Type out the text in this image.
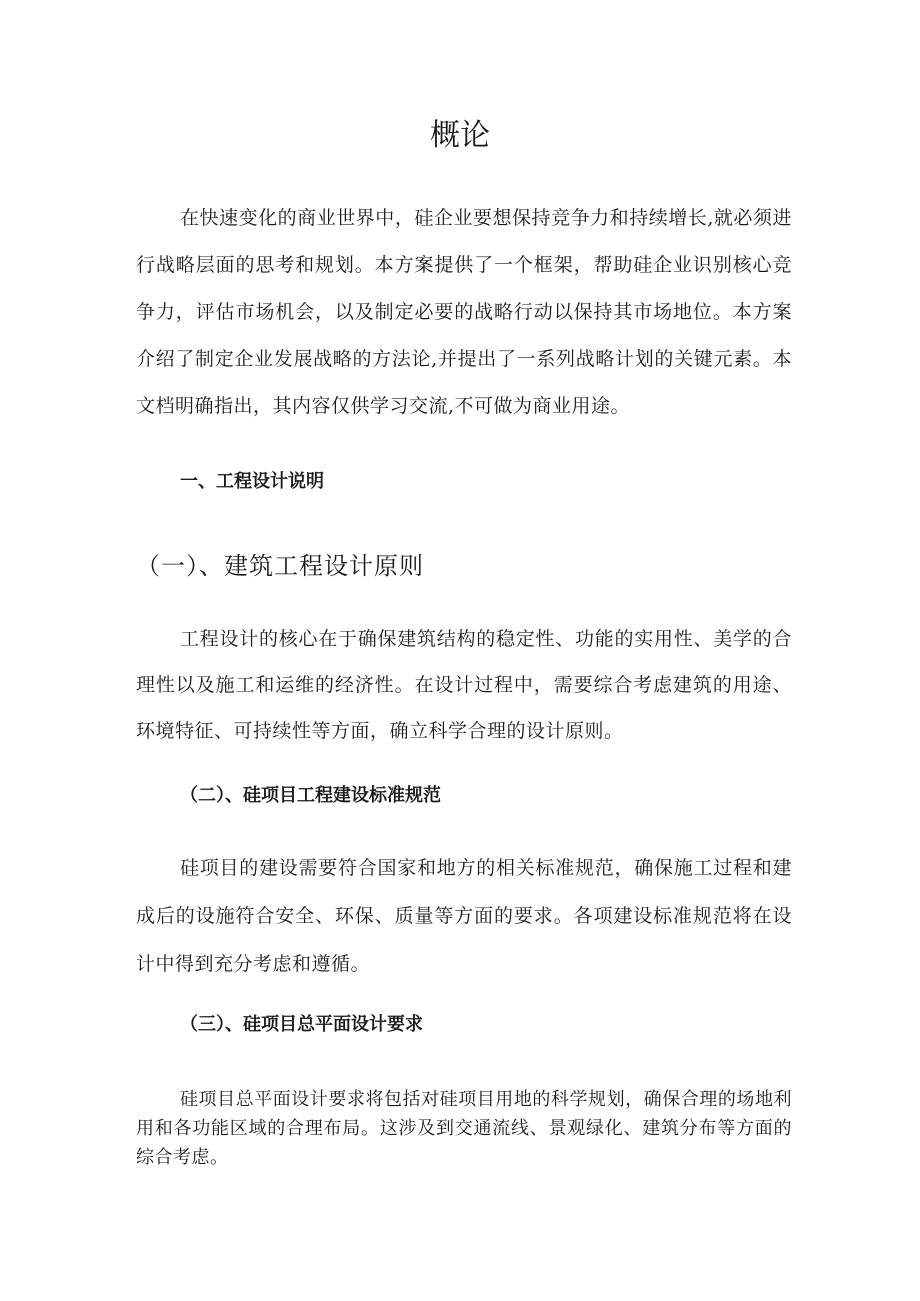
概论

在快速变化的商业世界中，硅企业要想保持竞争力和持续增长,就必须进行战略层面的思考和规划。本方案提供了一个框架，帮助硅企业识别核心竞争力，评估市场机会，以及制定必要的战略行动以保持其市场地位。本方案介绍了制定企业发展战略的方法论,并提出了一系列战略计划的关键元素。本文档明确指出，其内容仅供学习交流,不可做为商业用途。

一、工程设计说明
（一）、建筑工程设计原则

工程设计的核心在于确保建筑结构的稳定性、功能的实用性、美学的合理性以及施工和运维的经济性。在设计过程中，需要综合考虑建筑的用途、环境特征、可持续性等方面，确立科学合理的设计原则。

（二）、硅项目工程建设标准规范

硅项目的建设需要符合国家和地方的相关标准规范，确保施工过程和建成后的设施符合安全、环保、质量等方面的要求。各项建设标准规范将在设计中得到充分考虑和遵循。

（三）、硅项目总平面设计要求

硅项目总平面设计要求将包括对硅项目用地的科学规划，确保合理的场地利用和各功能区域的合理布局。这涉及到交通流线、景观绿化、建筑分布等方面的综合考虑。
